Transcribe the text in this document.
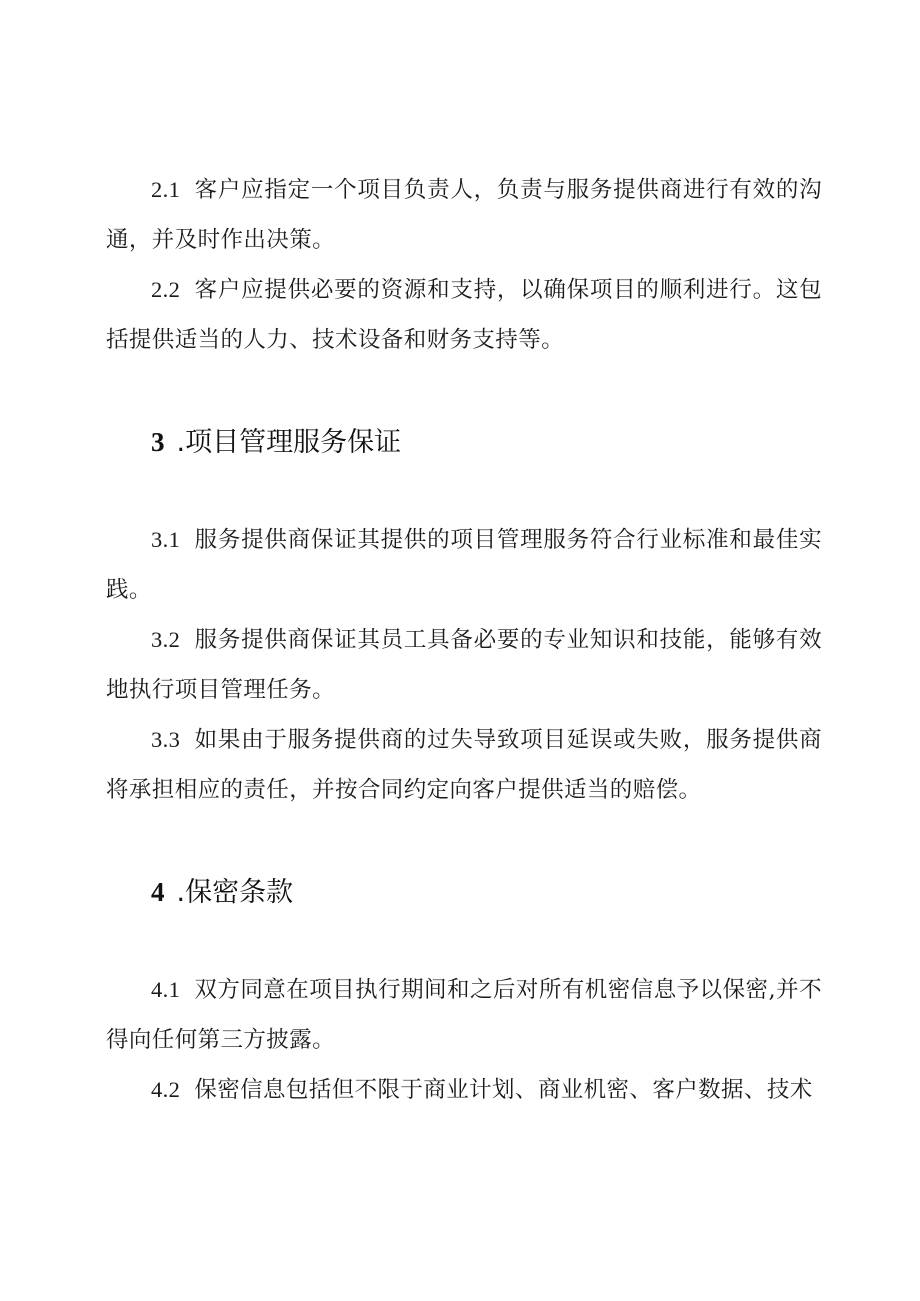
2.1 客户应指定一个项目负责人，负责与服务提供商进行有效的沟通，并及时作出决策。

2.2 客户应提供必要的资源和支持，以确保项目的顺利进行。这包括提供适当的人力、技术设备和财务支持等。

3 .项目管理服务保证

3.1 服务提供商保证其提供的项目管理服务符合行业标准和最佳实践。

3.2 服务提供商保证其员工具备必要的专业知识和技能，能够有效地执行项目管理任务。

3.3 如果由于服务提供商的过失导致项目延误或失败，服务提供商将承担相应的责任，并按合同约定向客户提供适当的赔偿。

4 .保密条款

4.1 双方同意在项目执行期间和之后对所有机密信息予以保密,并不得向任何第三方披露。

4.2 保密信息包括但不限于商业计划、商业机密、客户数据、技术
